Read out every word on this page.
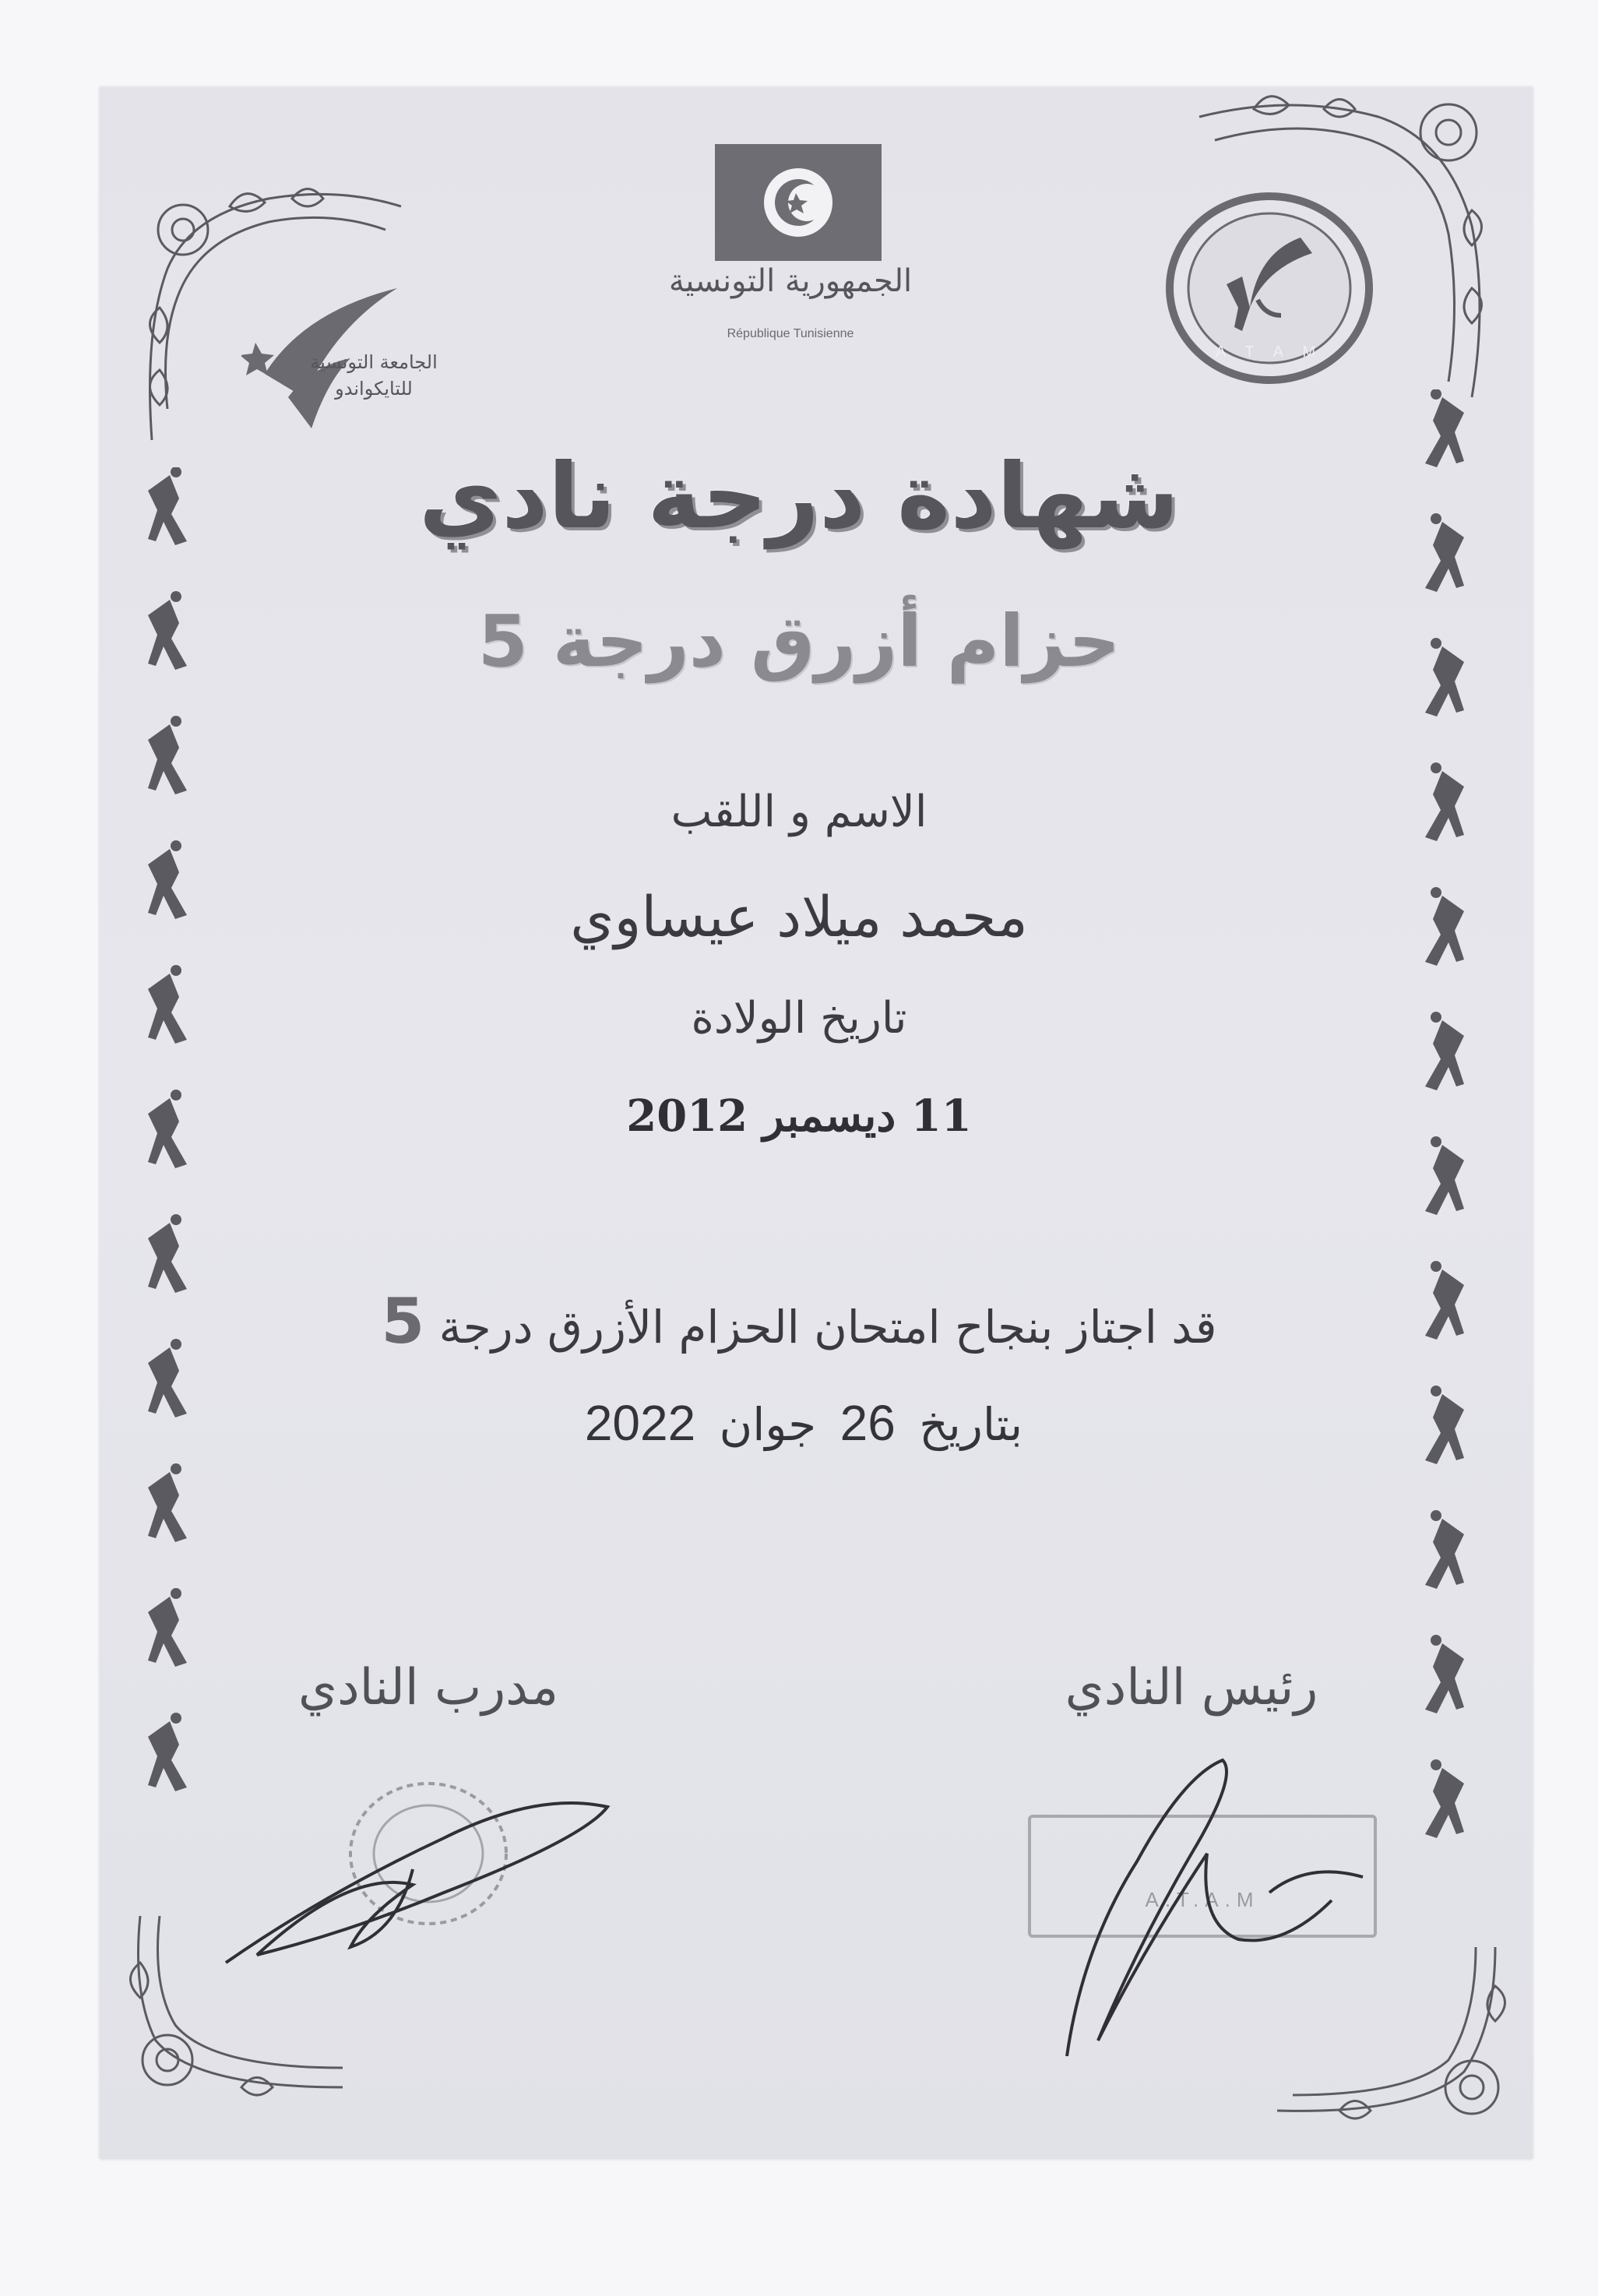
الجامعة التونسية للتايكواندو
الجمهورية التونسية
République Tunisienne
A T A M
شهادة درجة نادي
حزام أزرق درجة 5
الاسم و اللقب
محمد ميلاد عيساوي
تاريخ الولادة
11 ديسمبر 2012
قد اجتاز بنجاح امتحان الحزام الأزرق درجة 5
بتاريخ 26 جوان 2022
مدرب النادي	رئيس النادي
A.T.A.M
